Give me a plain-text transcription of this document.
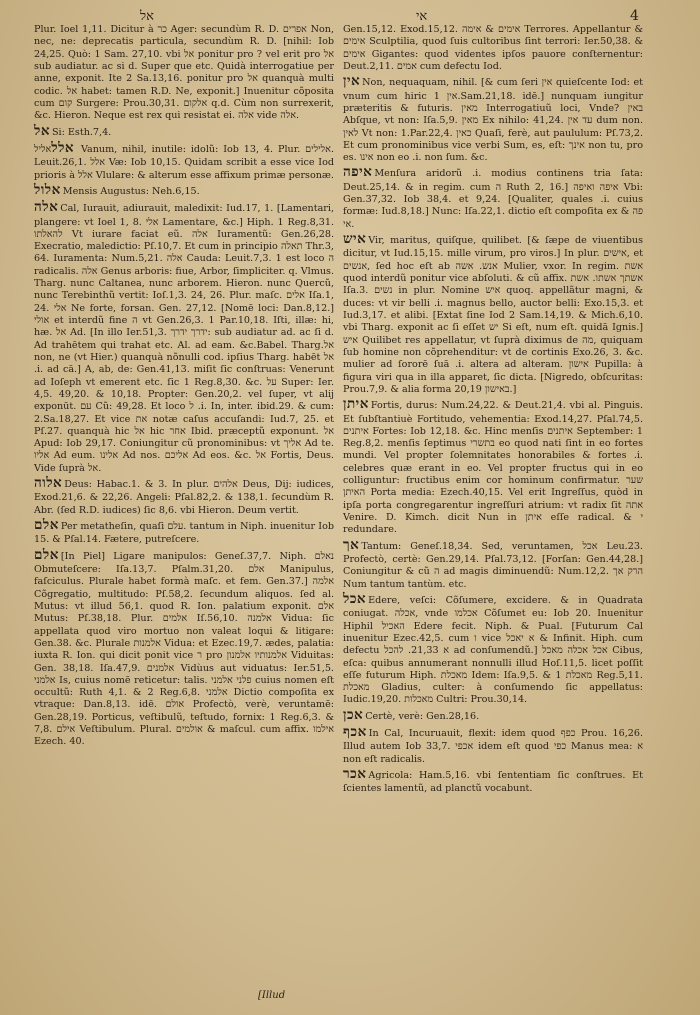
אל	אי	4

Plur. Ioel 1,11. Dicitur à כר Ager: secundùm R. D. אפרים Non, nec, ne: deprecatis particula, secundùm R. D. [nihil: Iob 24,25. Quò: 1 Sam. 27,10. vbi אל ponitur pro ? vel erit pro אל sub audiatur. ac si d. Super que etc. Quidà interrogatiue per anne, exponit. Ite 2 Sa.13,16. ponitur pro אל quanquà multi codic. אל habet: tamen R.D. Ne, exponit.] Inuenitur cõposita cum קום Surgere: Prou.30,31. אלקום q.d. Cùm non surrexerit, &c. Hieron. Neque est rex qui resistat ei. אלה vide אלה.

אל Si: Esth.7,4.

אללאליל Vanum, nihil, inutile: idolũ: Iob 13, 4. Plur. אלילים. Leuit.26,1. אלל Væ: Iob 10,15. Quidam scribit a esse vice Iod prioris à אלל Vlulare: & alterum esse affixum primæ personæ.

אלול Mensis Augustus: Neh.6,15.

אלה Cal, Iurauit, adiurauit, maledixit: Iud.17, 1. [Lamentari, plangere: vt Ioel 1, 8. אלי Lamentare, &c.] Hiph. 1 Reg.8,31. להאלתו Vt iurare faciat eũ. אלה Iuramentũ: Gen.26,28. Execratio, maledictio: Pſ.10,7. Et cum in principio תאלה Thr.3, 64. Iuramenta: Num.5,21. אלה Cauda: Leuit.7,3. 1 est loco ה radicalis. אלה Genus arboris: fiue, Arbor, ſimpliciter. q. Vlmus. Tharg. nunc Caltanea, nunc arborem. Hieron. nunc Quercũ, nunc Terebinthũ vertit: Ioſ.1,3. 24, 26. Plur. maſc. אלים Iſa.1, 24. אלי Ne forte, forsan. Gen. 27,12. [Nomē loci: Dan.8,12.] אולי et interdũ fine ה vt Gen.26,3. 1 Par.10,18. Iſti, illæ: hi, hæ. אל Ad. [In illo Ier.51,3. ידרך ידרך: sub audiatur ad. ac ſi d. Ad trahētem qui trahat etc. Al. ad eam. &c.Babel. Tharg.אל non, ne (vt Hier.) quanquà nõnulli cod. ipſius Tharg. habēt אל .i. ad cā.] A, ab, de: Gen.41,13. miſit ſic conſtruas: Venerunt ad Ioſeph vt emerent etc. ſic 1 Reg.8,30. &c. על Super: Ier. 4,5. 49,20. & 10,18. Propter: Gen.20,2. vel ſuper, vt alij exponūt. עם Cũ: 49,28. Et loco ל .i. In, inter. ibid.29. & cum: 2.Sa.18,27. Et vice את notæ caſus accuſandi: Iud.7, 25. et Pſ.27. quanquà hic אל hic אחר Ibid. præceptũ exponunt. אל Apud: Iob 29,17. Coniungitur cũ pronominibus: vt אליך Ad te. אליו Ad eum. אלינו Ad nos. אליכם Ad eos. &c. אל Fortis, Deus. Vide ſuprà אל.

אלוה Deus: Habac.1. & 3. In plur. אלהים Deus, Dij: iudices, Exod.21,6. & 22,26. Angeli: Pſal.82,2. & 138,1. ſecundùm R. Abr. (ſed R.D. iudices) ſic 8,6. vbi Hieron. Deum vertit.

אלם Per metatheſin, quaſi עלם. tantum in Niph. inuenitur Iob 15. & Pſal.14. Fætere, putreſcere.

אלם [In Piel] Ligare manipulos: Geneſ.37,7. Niph. נאלם Obmuteſcere: Iſa.13,7. Pſalm.31,20. אלם Manipulus, faſciculus. Plurale habet formà maſc. et fem. Gen.37.] אלמה Cõgregatio, multitudo: Pſ.58,2. ſecundum aliquos. ſed al. Mutus: vt illud 56,1. quod R. Ion. palatium exponit. אלם Mutus: Pſ.38,18. Plur. אלמים Iſ.56,10. אלמנה Vidua: ſic appellata quod viro mortuo non valeat loqui & litigare: Gen.38. &c. Plurale אלמנות Vidua: et Ezec.19,7. ædes, palatia: iuxta R. Ion. qui dicit ponit vice ר pro אלמנותיו אלמנון Viduitas: Gen. 38,18. Iſa.47,9. אלמנים Vidùus aut viduatus: Ier.51,5. אלמני Is, cuius nomē reticetur: talis. פלני אלמני cuius nomen eſt occultũ: Ruth 4,1. & 2 Reg.6,8. אלמני Dictio compoſita ex vtraque: Dan.8,13. idē. אולם Profectò, verè, veruntamē: Gen.28,19. Porticus, veſtibulũ, teſtudo, fornix: 1 Reg.6,3. & 7,8. אילם Veſtibulum. Plural. אולמים & maſcul. cum affix. אילמו Ezech. 40.

Gen.15,12. Exod.15,12. אימים & אימה Terrores. Appellantur & אימים Sculptilia, quod ſuis cultoribus ſint terrori: Ier.50,38. & אימים Gigantes: quod videntes ipſos pauore conſternentur: Deut.2,11. אמים cum defectu Iod.

אין Non, nequaquam, nihil. [& cum ſeri אין quieſcente Iod: et vnum cum hiric אין 1.Sam.21,18. idē.] nunquam iungitur præteritis & futuris. מאין Interrogatiuũ loci, Vnde? באין Abſque, vt non: Iſa.5,9. מאין Ex nihilo: 41,24. עד אין dum non. לאין Vt non: 1.Par.22,4. כאין Quaſi, ferè, aut paululum: Pſ.73,2. Et cum pronominibus vice verbi Sum, es, eſt: אינך non tu, pro es. אינו non eo .i. non ſum. &c.

איפה Menſura aridorũ .i. modius continens tria ſata: Deut.25,14. & in regim. cum ה Ruth 2, 16.] איפה ואיפה Vbi: Gen.37,32. Iob 38,4. et 9,24. [Qualiter, quales .i. cuius formæ: Iud.8,18.] Nunc: Iſa.22,1. dictio eſt compoſita ex פה & אי.

איש Vir, maritus, quiſque, quilibet. [& ſæpe de viuentibus dicitur, vt Iud.15,15. mille virum, pro viros.] In plur. אישים, et אנשים, ſed hoc eſt ab אנש. אשה Mulier, vxor. In regim. אשת quod interdũ ponitur vice abſoluti. & cũ affix. אשתך אשתו. אשת Iſa.3. נשים in plur. Nomine איש quoq. appellãtur magni, & duces: vt vir belli .i. magnus bello, auctor belli: Exo.15,3. et Iud.3,17. et alibi. [Extat ſine Iod 2 Sam.14,19. & Mich.6,10. vbi Tharg. exponit ac ſi eſſet יש Si eſt, num eſt. quidā Ignis.] איש Quilibet res appellatur, vt ſuprà diximus de מה, quiquam ſub homine non cõprehenditur: vt de cortinis Exo.26, 3. &c. mulier ad ſororē ſuā .i. altera ad alteram. אישון Pupilla: à figura viri qua in illa apparet, ſic dicta. [Nigredo, obſcuritas: Prou.7,9. & alia forma באישון 20,19.]

איתן Fortis, durus: Num.24,22. & Deut.21,4. vbi al. Pinguis. Et ſubſtantiuè Fortitudo, vehementia: Exod.14,27. Pſal.74,5. איתנים Fortes: Iob 12,18. &c. Hinc menſis איתנים September: 1 Reg.8,2. menſis ſeptimus בתשרי eo quod nati ſint in eo fortes mundi. Vel propter ſolemnitates honorabiles & fortes .i. celebres quæ erant in eo. Vel propter fructus qui in eo colliguntur: fructibus enim cor hominum confirmatur. שער האיתן Porta media: Ezech.40,15. Vel erit Ingreſſus, quòd in ipſa porta congregarentur ingreſſuri atrium: vt radix ſit אתה Venire. D. Kimch. dicit Nun in איתן eſſe radical. & י redundare.

אך Tantum: Geneſ.18,34. Sed, veruntamen, אכל Leu.23. Profectò, certè: Gen.29,14. Pſal.73,12. [Forſan: Gen.44,28.] Coniungitur & cũ ה ad magis diminuendũ: Num.12,2. הרק אך Num tantum tantùm. etc.

אכל Edere, veſci: Cõſumere, excidere. & in Quadrata coniugat. אכלה, vnde אכלמו Cõſumet eu: Iob 20. Inuenitur Hiphil האכיל Edere fecit. Niph. & Pual. [Futurum Cal inuenitur Ezec.42,5. cum ו vice א יאכל & Infinit. Hiph. cum defectu א 21,33. להכל ad conſumendũ.] אכל אכלה מאכל Cibus, eſca: quibus annumerant nonnulli illud Hoſ.11,5. licet poſſit eſſe futurum Hiph. מאכלת Idem: Iſa.9,5. & מאכלת 1 Reg.5,11. מאכלת Gladius, culter: à conſumendo ſic appellatus: Iudic.19,20. מאכלות Cultri: Prou.30,14.

אכן Certè, verè: Gen.28,16.

אכף In Cal, Incuruauit, flexit: idem quod כפף Prou. 16,26. Illud autem Iob 33,7. אכפי idem eſt quod כפי Manus mea: א non eſt radicalis.

אכר Agricola: Ham.5,16. vbi ſententiam ſic conſtrues. Et ſcientes lamentũ, ad planctũ vocabunt.

[Illud
